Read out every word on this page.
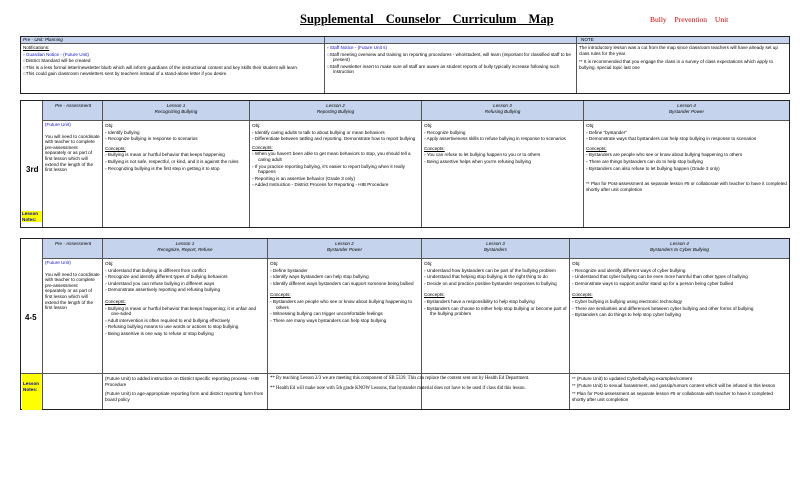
Supplemental Counselor Curriculum Map	Bully Prevention Unit
Pre - Unit: Planning	NOTE

Notifications:

▫ Guardian Notice - (Future Unit)

○District Standard will be created

○This is a less formal letter/newsletter blurb which will inform guardians of the instructional content and key skills their student will learn.

○This could gain classroom newsletters sent by teachers instead of a stand-alone letter if you desire.

▫ Staff Notice - (Future Unit s)

○Staff meeting overview and training on reporting procedures - who/student, will learn (important for classified staff to be present)

○Staff newsletter insert to make sure all staff are aware as student reports of bully typically increase following such instruction

The introductory lesson was a cut from the map since classroom teachers will have already set up class rules for the year.

** It is recommended that you engage the class in a survey of class expectations which apply to bullying. special topic last one

3rd
Lesson Notes:
Pre - Assessment

(Future Unit)

You will need to coordinate with teacher to complete pre-assessment separately or as part of first lesson which will extend the length of the first lesson

Lesson 1
Recognizing Bullying
Lesson 2
Reporting Bullying
Lesson 3
Refusing Bullying
Lesson 4
Bystander Power

Obj:

▫ Identify bullying

▫ Recognize bullying in response to scenarios

Concepts:

▫ Bullying is mean or hurtful behavior that keeps happening

▫ Bullying is not safe, respectful, or kind, and it is against the rules

▫ Recognizing bullying is the first step in getting it to stop

Obj:

▫ Identify caring adults to talk to about bullying or mean behaviors

▫ Differentiate between tattling and reporting. Demonstrate how to report bullying

Concepts:

▫ When you haven't been able to get mean behaviors to stop, you should tell a caring adult

▫ If you practice reporting bullying, it's easier to report bullying when it really happens

▫ Reporting is an assertive behavior (Grade 3 only)

▫ Added Instruction - District Process for Reporting - HIB Procedure

Obj:

▫ Recognize bullying

▫ Apply assertiveness skills to refuse bullying in response to scenarios

Concepts:

▫ You can refuse to let bullying happen to you or to others

▫ Being assertive helps when you're refusing bullying

Obj:

▫ Define "bystander"

▫ Demonstrate ways that bystanders can help stop bullying in response to scenarios

Concepts:

▫ Bystanders are people who see or know about bullying happening to others

▫ There are things bystanders can do to help stop bullying

▫ Bystanders can also refuse to let bullying happen (Grade 3 only)

** Plan for Post-assessment as separate lesson #5 or collaborate with teacher to have it completed shortly after unit completion

4-5
Lesson Notes:
Pre - Assessment

(Future Unit)

You will need to coordinate with teacher to complete pre-assessment separately or as part of first lesson which will extend the length of the first lesson

Lesson 1
Recognize, Report, Refuse
Lesson 2
Bystander Power
Lesson 3
Bystanders
Lesson 4
Bystanders to Cyber Bullying

Obj:

▫ Understand that bullying is different from conflict

▫ Recognize and identify different types of bullying behaviors

▫ Understand you can refuse bullying in different ways

▫ Demonstrate assertively reporting and refusing bullying

Concepts:

▫ Bullying is mean or hurtful behavior that keeps happening; it is unfair and one-sided

▫ Adult intervention is often required to end bullying effectively

▫ Refusing bullying means to use words or actions to stop bullying

▫ Being assertive is one way to refuse or stop bullying

Obj:

▫ Define bystander

▫ Identify ways bystanders can help stop bullying

▫ Identify different ways bystanders can support someone being bullied

Concepts:

▫ Bystanders are people who see or know about bullying happening to others

▫ Witnessing bullying can trigger uncomfortable feelings

▫ There are many ways bystanders can help stop bullying

Obj:

▫ Understand how bystanders can be part of the bullying problem

▫ Understand that helping stop bullying is the right thing to do

▫ Decide on and practice positive bystander responses to bullying

Concepts:

▫ Bystanders have a responsibility to help stop bullying

▫ Bystanders can choose to either help stop bullying or become part of the bullying problem

Obj:

▫ Recognize and identify different ways of cyber bullying

▫ Understand that cyber bullying can be even more harmful than other types of bullying

▫ Demonstrate ways to support and/or stand up for a person being cyber bullied

Concepts:

▫ Cyber bullying is bullying using electronic technology

▫ There are similarities and differences between cyber bullying and other forms of bullying

▫ Bystanders can do things to help stop cyber bullying

(Future Unit) to added instruction on District specific reporting process - HIB Procedure

(Future Unit) to age-appropriate reporting form and district reporting form from board policy

** By teaching Lesson 2/3 we are meeting this component of SB 5339. This can replace the content sent out by Health Ed Department.

** Health Ed will make note with 5th grade KNOW Lessons, that bystander material does not have to be used if class did this lesson.

** (Future Unit) to updated Cyberbullying examples/content

** (Future Unit) to sexual harassment, and gossip/rumors content which will be infused in this lesson

** Plan for Post-assessment as separate lesson #5 or collaborate with teacher to have it completed shortly after unit completion
